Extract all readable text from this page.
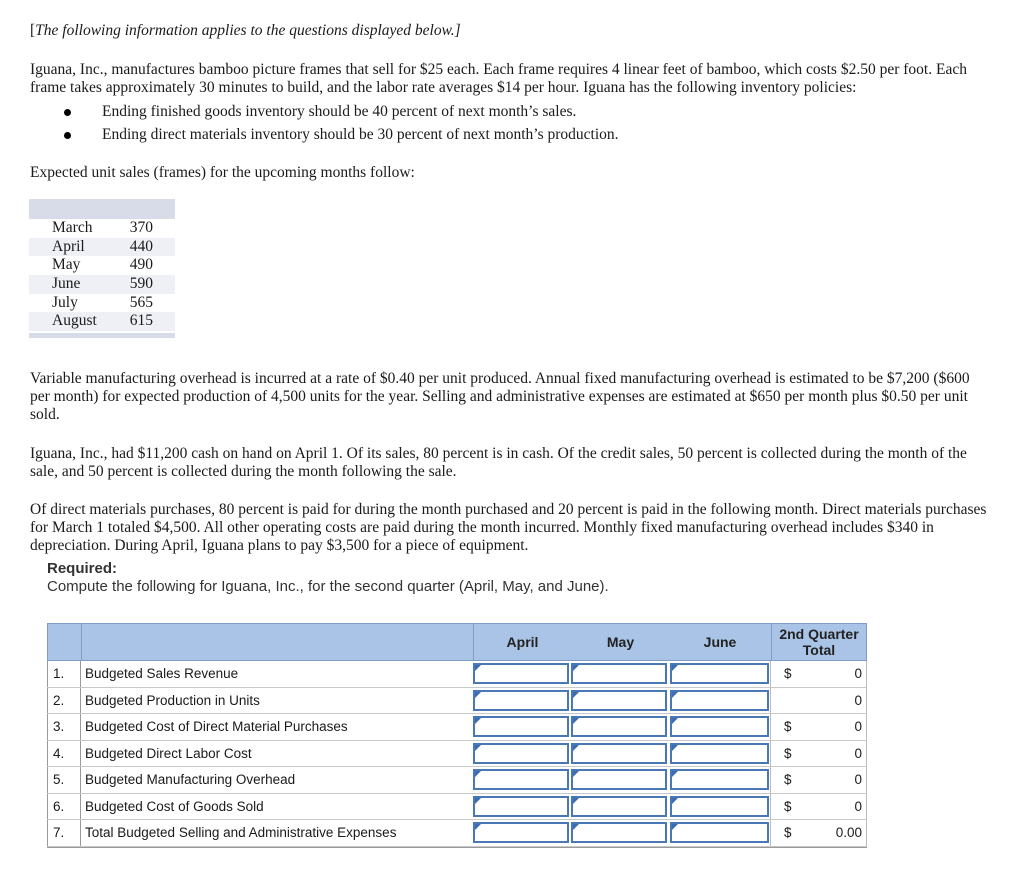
[The following information applies to the questions displayed below.]

Iguana, Inc., manufactures bamboo picture frames that sell for $25 each. Each frame requires 4 linear feet of bamboo, which costs $2.50 per foot. Each frame takes approximately 30 minutes to build, and the labor rate averages $14 per hour. Iguana has the following inventory policies:

Ending finished goods inventory should be 40 percent of next month’s sales.
Ending direct materials inventory should be 30 percent of next month’s production.

Expected unit sales (frames) for the upcoming months follow:

March 370
April	440
May	490
June	590
July	565
August 615

Variable manufacturing overhead is incurred at a rate of $0.40 per unit produced. Annual fixed manufacturing overhead is estimated to be $7,200 ($600 per month) for expected production of 4,500 units for the year. Selling and administrative expenses are estimated at $650 per month plus $0.50 per unit sold.

Iguana, Inc., had $11,200 cash on hand on April 1. Of its sales, 80 percent is in cash. Of the credit sales, 50 percent is collected during the month of the sale, and 50 percent is collected during the month following the sale.

Of direct materials purchases, 80 percent is paid for during the month purchased and 20 percent is paid in the following month. Direct materials purchases for March 1 totaled $4,500. All other operating costs are paid during the month incurred. Monthly fixed manufacturing overhead includes $340 in depreciation. During April, Iguana plans to pay $3,500 for a piece of equipment.

Required:

Compute the following for Iguana, Inc., for the second quarter (April, May, and June).

April	May	June	2nd Quarter Total
1.	Budgeted Sales Revenue	$	0
2.	Budgeted Production in Units	0
3.	Budgeted Cost of Direct Material Purchases	$	0
4.	Budgeted Direct Labor Cost	$	0
5.	Budgeted Manufacturing Overhead	$	0
6.	Budgeted Cost of Goods Sold	$	0
7.	Total Budgeted Selling and Administrative Expenses	$	0.00
